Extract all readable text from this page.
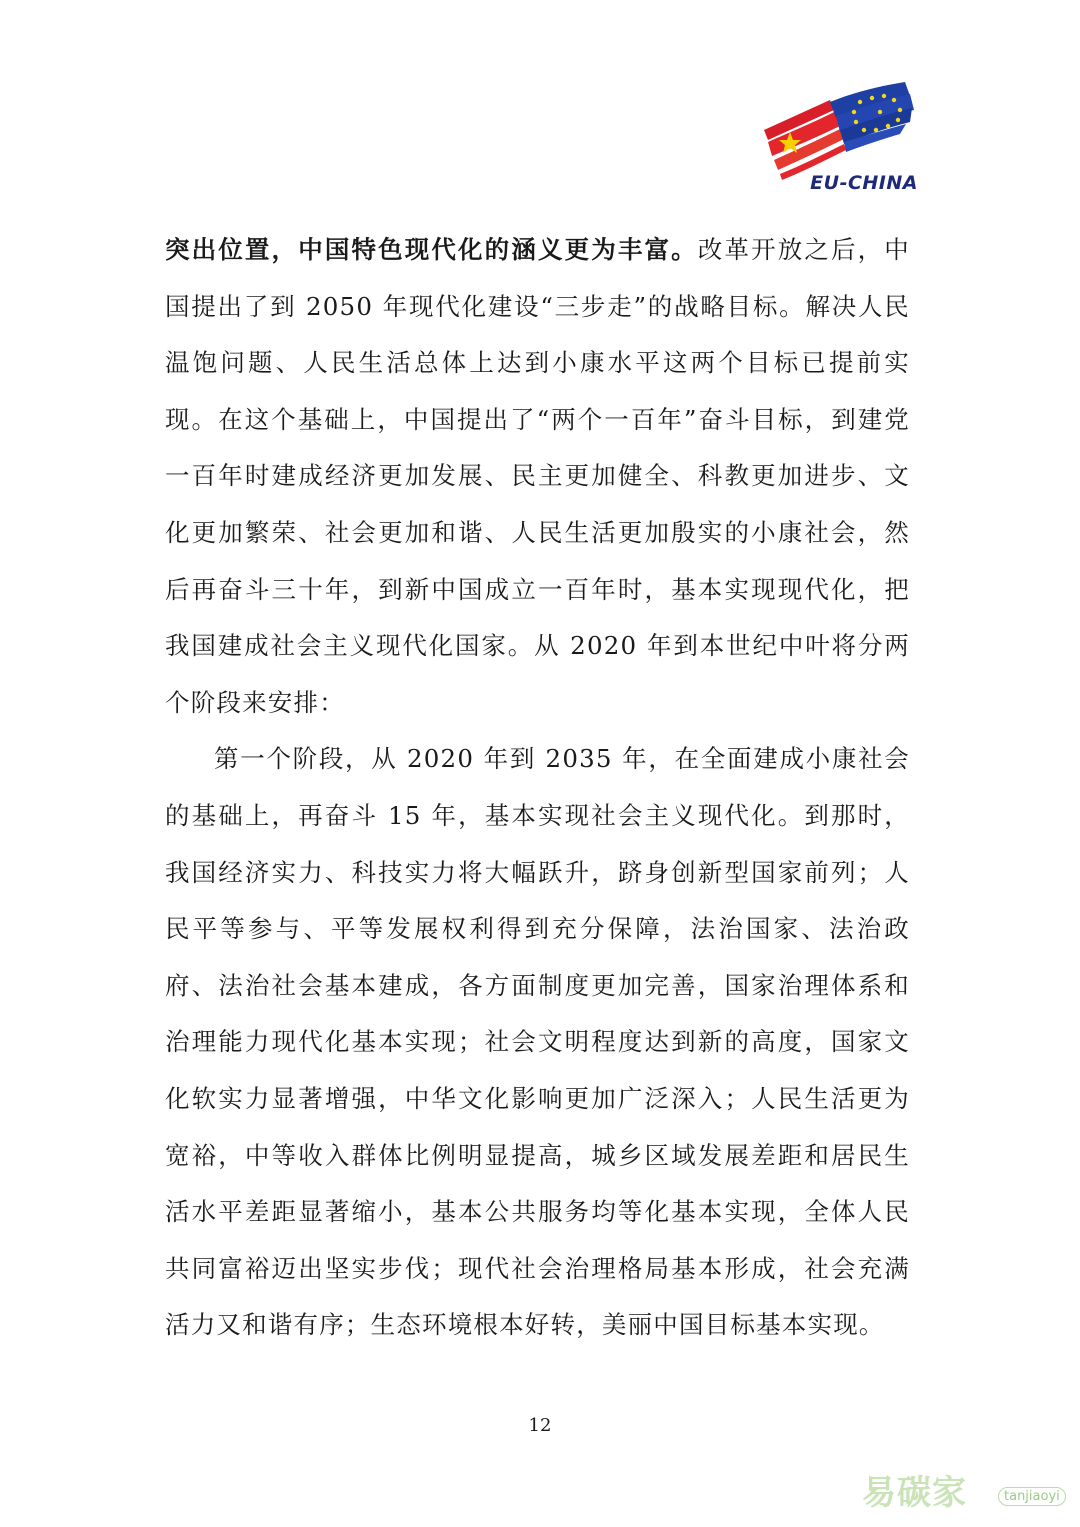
EU-CHINA

突出位置，中国特色现代化的涵义更为丰富。改革开放之后，中国提出了到 2050 年现代化建设“三步走”的战略目标。解决人民温饱问题、人民生活总体上达到小康水平这两个目标已提前实现。在这个基础上，中国提出了“两个一百年”奋斗目标，到建党一百年时建成经济更加发展、民主更加健全、科教更加进步、文化更加繁荣、社会更加和谐、人民生活更加殷实的小康社会，然后再奋斗三十年，到新中国成立一百年时，基本实现现代化，把我国建成社会主义现代化国家。从 2020 年到本世纪中叶将分两个阶段来安排：

第一个阶段，从 2020 年到 2035 年，在全面建成小康社会的基础上，再奋斗 15 年，基本实现社会主义现代化。到那时，我国经济实力、科技实力将大幅跃升，跻身创新型国家前列；人民平等参与、平等发展权利得到充分保障，法治国家、法治政府、法治社会基本建成，各方面制度更加完善，国家治理体系和治理能力现代化基本实现；社会文明程度达到新的高度，国家文化软实力显著增强，中华文化影响更加广泛深入；人民生活更为宽裕，中等收入群体比例明显提高，城乡区域发展差距和居民生活水平差距显著缩小，基本公共服务均等化基本实现，全体人民共同富裕迈出坚实步伐；现代社会治理格局基本形成，社会充满活力又和谐有序；生态环境根本好转，美丽中国目标基本实现。

12
易碳家	tanjiaoyi
